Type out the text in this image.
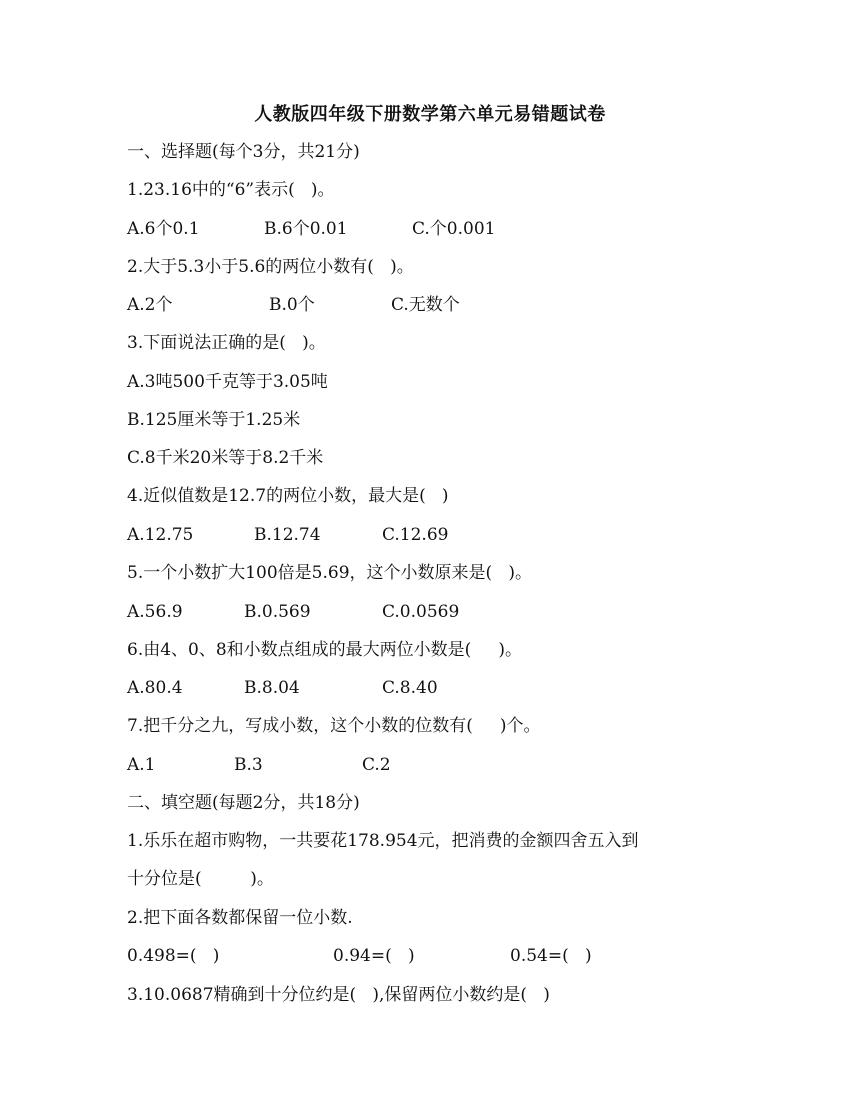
人教版四年级下册数学第六单元易错题试卷
一、选择题(每个3分，共21分)
1.23.16中的“6”表示(   )。
A.6个0.1	B.6个0.01	C.个0.001
2.大于5.3小于5.6的两位小数有(   )。
A.2个	B.0个	C.无数个
3.下面说法正确的是(   )。
A.3吨500千克等于3.05吨
B.125厘米等于1.25米
C.8千米20米等于8.2千米
4.近似值数是12.7的两位小数，最大是(   )
A.12.75	B.12.74	C.12.69
5.一个小数扩大100倍是5.69，这个小数原来是(   )。
A.56.9	B.0.569	C.0.0569
6.由4、0、8和小数点组成的最大两位小数是(     )。
A.80.4	B.8.04	C.8.40
7.把千分之九，写成小数，这个小数的位数有(     )个。
A.1	B.3	C.2
二、填空题(每题2分，共18分)
1.乐乐在超市购物，一共要花178.954元，把消费的金额四舍五入到
十分位是(         )。
2.把下面各数都保留一位小数.
0.498=(   )	0.94=(   )	0.54=(   )
3.10.0687精确到十分位约是(   ),保留两位小数约是(   )
